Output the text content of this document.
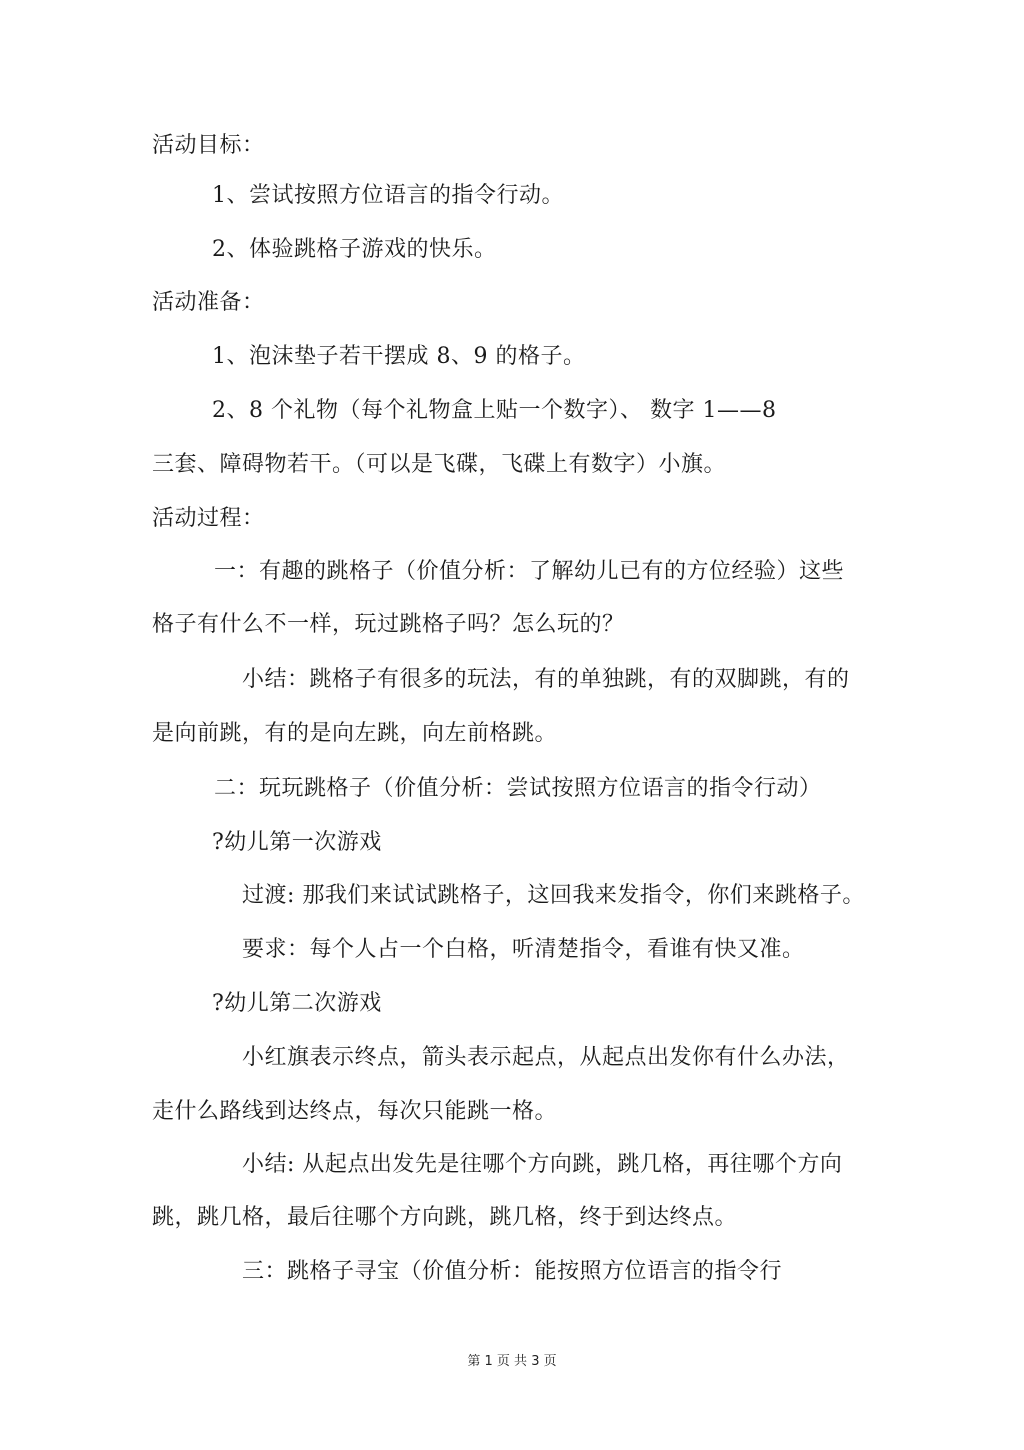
活动目标：
1、尝试按照方位语言的指令行动。
2、体验跳格子游戏的快乐。
活动准备：
1、泡沫垫子若干摆成 8、9 的格子。
2、8 个礼物（每个礼物盒上贴一个数字）、 数字 1——8
三套、障碍物若干。（可以是飞碟，飞碟上有数字）小旗。
活动过程：
一：有趣的跳格子（价值分析：了解幼儿已有的方位经验）这些
格子有什么不一样，玩过跳格子吗？怎么玩的？
小结：跳格子有很多的玩法，有的单独跳，有的双脚跳，有的
是向前跳，有的是向左跳，向左前格跳。
二：玩玩跳格子（价值分析：尝试按照方位语言的指令行动）
?幼儿第一次游戏
过渡: 那我们来试试跳格子，这回我来发指令，你们来跳格子。
要求：每个人占一个白格，听清楚指令，看谁有快又准。
?幼儿第二次游戏
小红旗表示终点，箭头表示起点，从起点出发你有什么办法，
走什么路线到达终点，每次只能跳一格。
小结: 从起点出发先是往哪个方向跳，跳几格，再往哪个方向
跳，跳几格，最后往哪个方向跳，跳几格，终于到达终点。
三：跳格子寻宝（价值分析：能按照方位语言的指令行
第 1 页 共 3 页
